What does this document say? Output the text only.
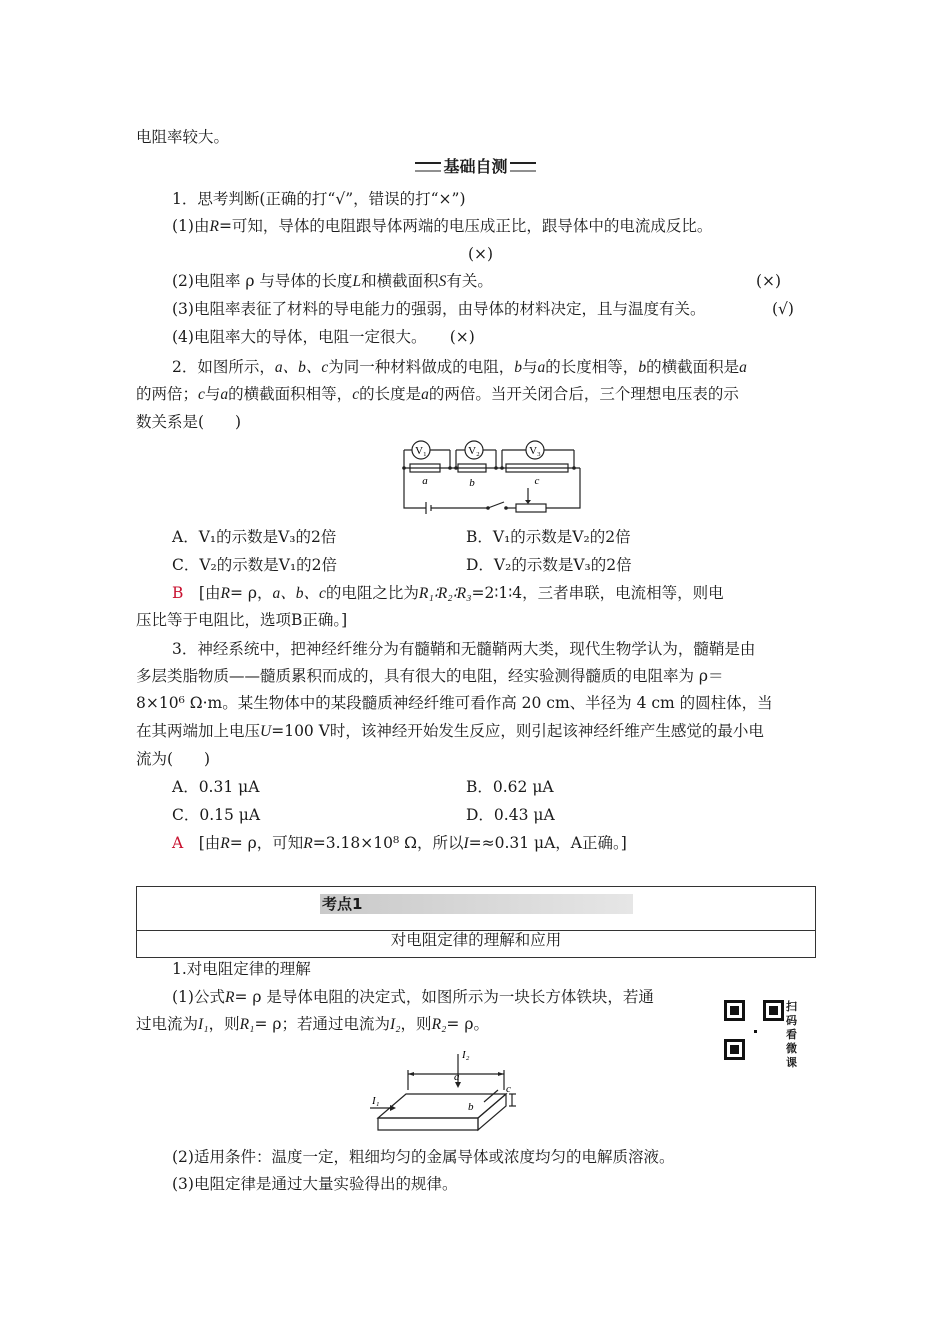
电阻率较大。
基础自测
1．思考判断(正确的打“√”，错误的打“×”)
(1)由R=可知，导体的电阻跟导体两端的电压成正比，跟导体中的电流成反比。
(×)
(2)电阻率 ρ 与导体的长度L和横截面积S有关。	(×)
(3)电阻率表征了材料的导电能力的强弱，由导体的材料决定，且与温度有关。	(√)
(4)电阻率大的导体，电阻一定很大。　　 (×)
2．如图所示，a、b、c为同一种材料做成的电阻，b与a的长度相等，b的横截面积是a
的两倍；c与a的横截面积相等，c的长度是a的两倍。当开关闭合后，三个理想电压表的示
数关系是(　　)
V₁	V₂	V₃
a	b	c
A．V₁的示数是V₃的2倍	B．V₁的示数是V₂的2倍
C．V₂的示数是V₁的2倍	D．V₂的示数是V₃的2倍
B　 [由R= ρ，a、b、c的电阻之比为R₁∶R₂∶R₃=2∶1∶4，三者串联，电流相等，则电
压比等于电阻比，选项B正确。]
3．神经系统中，把神经纤维分为有髓鞘和无髓鞘两大类，现代生物学认为，髓鞘是由
多层类脂物质——髓质累积而成的，具有很大的电阻，经实验测得髓质的电阻率为 ρ＝
8×10⁶ Ω·m。某生物体中的某段髓质神经纤维可看作高 20 cm、半径为 4 cm 的圆柱体，当
在其两端加上电压U=100 V时，该神经开始发生反应，则引起该神经纤维产生感觉的最小电
流为(　　)
A．0.31 μA	B．0.62 μA
C．0.15 μA	D．0.43 μA
A　 [由R= ρ，可知R=3.18×10⁸ Ω，所以I=≈0.31 μA，A正确。]
考点1
对电阻定律的理解和应用
1.对电阻定律的理解
(1)公式R= ρ 是导体电阻的决定式，如图所示为一块长方体铁块，若通
过电流为I₁，则R₁= ρ；若通过电流为I₂，则R₂= ρ。
扫码看微课
I₂
I₁
a
b
c
(2)适用条件：温度一定，粗细均匀的金属导体或浓度均匀的电解质溶液。
(3)电阻定律是通过大量实验得出的规律。
